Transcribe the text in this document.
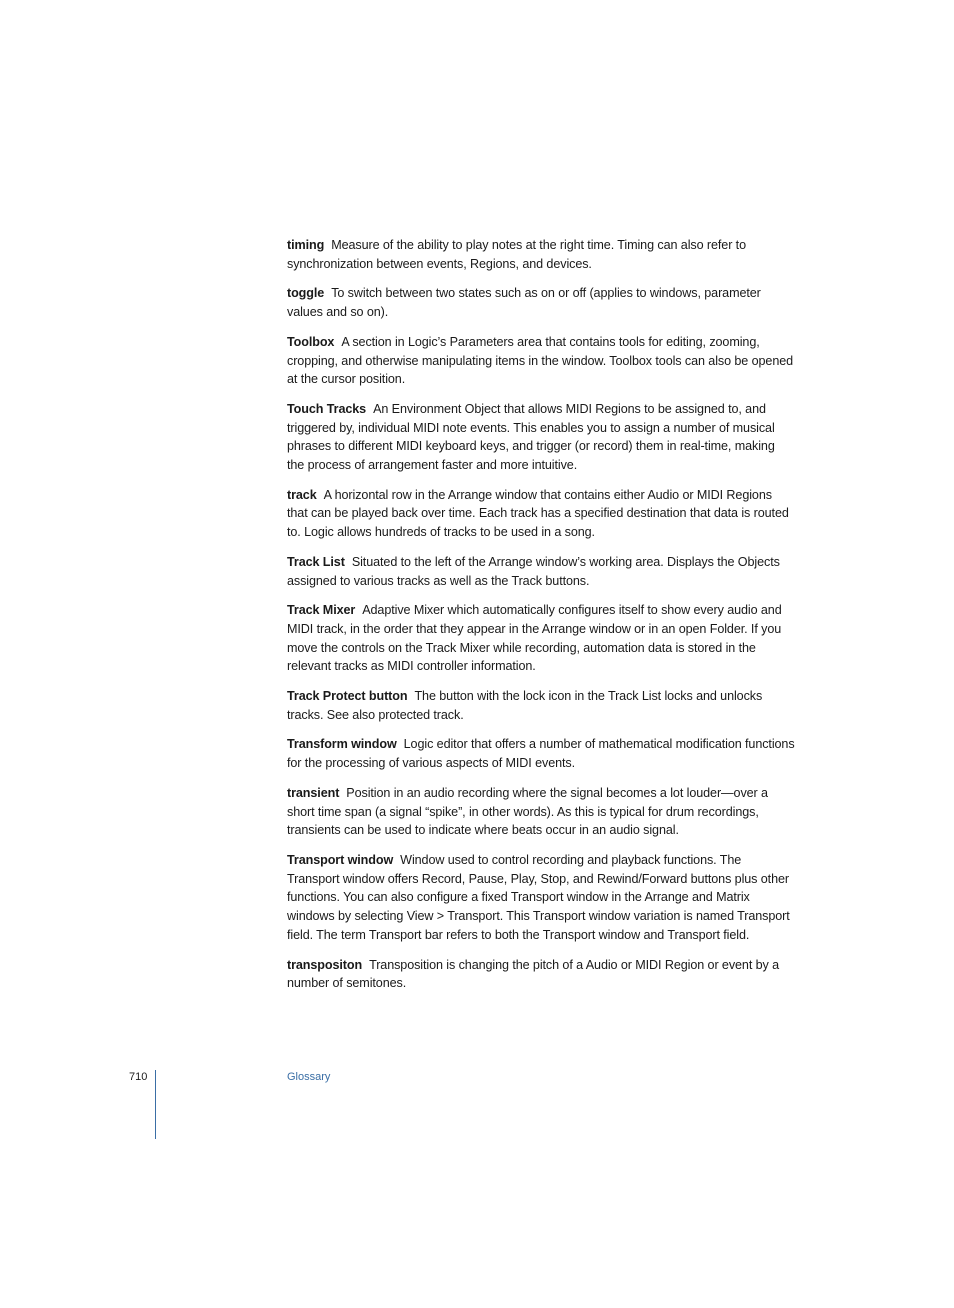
timing Measure of the ability to play notes at the right time. Timing can also refer to synchronization between events, Regions, and devices.

toggle To switch between two states such as on or off (applies to windows, parameter values and so on).

Toolbox A section in Logic’s Parameters area that contains tools for editing, zooming, cropping, and otherwise manipulating items in the window. Toolbox tools can also be opened at the cursor position.

Touch Tracks An Environment Object that allows MIDI Regions to be assigned to, and triggered by, individual MIDI note events. This enables you to assign a number of musical phrases to different MIDI keyboard keys, and trigger (or record) them in real-time, making the process of arrangement faster and more intuitive.

track A horizontal row in the Arrange window that contains either Audio or MIDI Regions that can be played back over time. Each track has a specified destination that data is routed to. Logic allows hundreds of tracks to be used in a song.

Track List Situated to the left of the Arrange window’s working area. Displays the Objects assigned to various tracks as well as the Track buttons.

Track Mixer Adaptive Mixer which automatically configures itself to show every audio and MIDI track, in the order that they appear in the Arrange window or in an open Folder. If you move the controls on the Track Mixer while recording, automation data is stored in the relevant tracks as MIDI controller information.

Track Protect button The button with the lock icon in the Track List locks and unlocks tracks. See also protected track.

Transform window Logic editor that offers a number of mathematical modification functions for the processing of various aspects of MIDI events.

transient Position in an audio recording where the signal becomes a lot louder—over a short time span (a signal “spike”, in other words). As this is typical for drum recordings, transients can be used to indicate where beats occur in an audio signal.

Transport window Window used to control recording and playback functions. The Transport window offers Record, Pause, Play, Stop, and Rewind/Forward buttons plus other functions. You can also configure a fixed Transport window in the Arrange and Matrix windows by selecting View > Transport. This Transport window variation is named Transport field. The term Transport bar refers to both the Transport window and Transport field.

transpositon Transposition is changing the pitch of a Audio or MIDI Region or event by a number of semitones.

710	Glossary
